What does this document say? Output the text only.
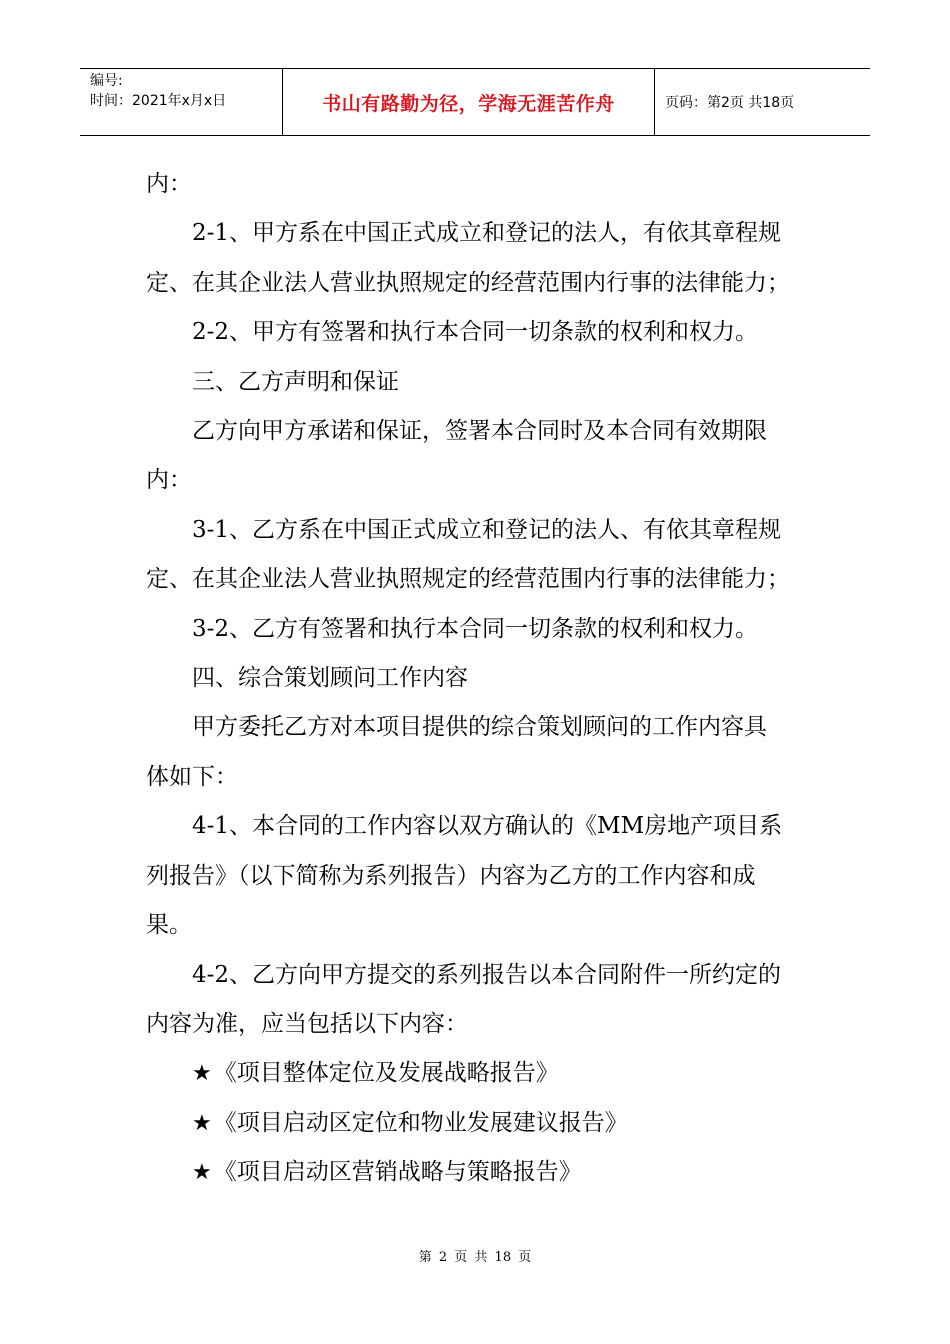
编号:
时间：2021年x月x日	书山有路勤为径，学海无涯苦作舟	页码：第2页 共18页

内：

2-1、甲方系在中国正式成立和登记的法人，有依其章程规

定、在其企业法人营业执照规定的经营范围内行事的法律能力；

2-2、甲方有签署和执行本合同一切条款的权利和权力。

三、乙方声明和保证

乙方向甲方承诺和保证，签署本合同时及本合同有效期限

内：

3-1、乙方系在中国正式成立和登记的法人、有依其章程规

定、在其企业法人营业执照规定的经营范围内行事的法律能力；

3-2、乙方有签署和执行本合同一切条款的权利和权力。

四、综合策划顾问工作内容

甲方委托乙方对本项目提供的综合策划顾问的工作内容具

体如下：

4-1、本合同的工作内容以双方确认的《MM房地产项目系

列报告》（以下简称为系列报告）内容为乙方的工作内容和成

果。

4-2、乙方向甲方提交的系列报告以本合同附件一所约定的

内容为准，应当包括以下内容：

★《项目整体定位及发展战略报告》

★《项目启动区定位和物业发展建议报告》

★《项目启动区营销战略与策略报告》

第 2 页 共 18 页
